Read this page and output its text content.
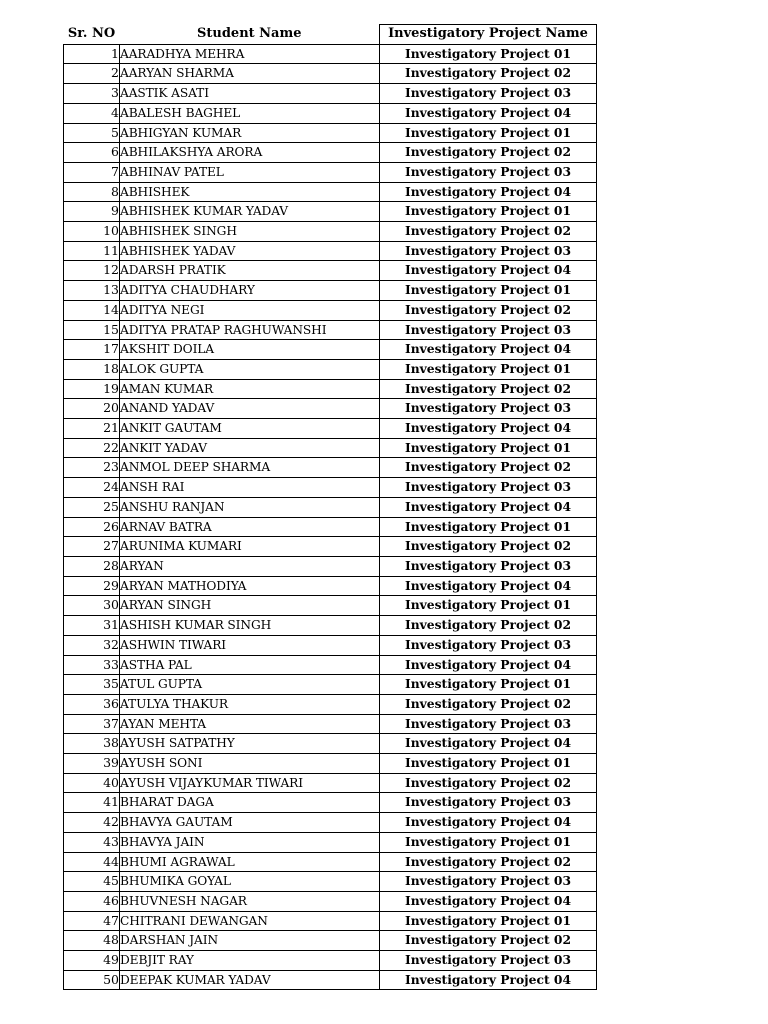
Sr. NO	Student Name	Investigatory Project Name
1	AARADHYA MEHRA	Investigatory Project 01
2	AARYAN SHARMA	Investigatory Project 02
3	AASTIK ASATI	Investigatory Project 03
4	ABALESH BAGHEL	Investigatory Project 04
5	ABHIGYAN KUMAR	Investigatory Project 01
6	ABHILAKSHYA ARORA	Investigatory Project 02
7	ABHINAV PATEL	Investigatory Project 03
8	ABHISHEK	Investigatory Project 04
9	ABHISHEK KUMAR YADAV	Investigatory Project 01
10	ABHISHEK SINGH	Investigatory Project 02
11	ABHISHEK YADAV	Investigatory Project 03
12	ADARSH PRATIK	Investigatory Project 04
13	ADITYA CHAUDHARY	Investigatory Project 01
14	ADITYA NEGI	Investigatory Project 02
15	ADITYA PRATAP RAGHUWANSHI	Investigatory Project 03
17	AKSHIT DOILA	Investigatory Project 04
18	ALOK GUPTA	Investigatory Project 01
19	AMAN KUMAR	Investigatory Project 02
20	ANAND YADAV	Investigatory Project 03
21	ANKIT GAUTAM	Investigatory Project 04
22	ANKIT YADAV	Investigatory Project 01
23	ANMOL DEEP SHARMA	Investigatory Project 02
24	ANSH RAI	Investigatory Project 03
25	ANSHU RANJAN	Investigatory Project 04
26	ARNAV BATRA	Investigatory Project 01
27	ARUNIMA KUMARI	Investigatory Project 02
28	ARYAN	Investigatory Project 03
29	ARYAN MATHODIYA	Investigatory Project 04
30	ARYAN SINGH	Investigatory Project 01
31	ASHISH KUMAR SINGH	Investigatory Project 02
32	ASHWIN TIWARI	Investigatory Project 03
33	ASTHA PAL	Investigatory Project 04
35	ATUL GUPTA	Investigatory Project 01
36	ATULYA THAKUR	Investigatory Project 02
37	AYAN MEHTA	Investigatory Project 03
38	AYUSH SATPATHY	Investigatory Project 04
39	AYUSH SONI	Investigatory Project 01
40	AYUSH VIJAYKUMAR TIWARI	Investigatory Project 02
41	BHARAT DAGA	Investigatory Project 03
42	BHAVYA GAUTAM	Investigatory Project 04
43	BHAVYA JAIN	Investigatory Project 01
44	BHUMI AGRAWAL	Investigatory Project 02
45	BHUMIKA GOYAL	Investigatory Project 03
46	BHUVNESH NAGAR	Investigatory Project 04
47	CHITRANI DEWANGAN	Investigatory Project 01
48	DARSHAN JAIN	Investigatory Project 02
49	DEBJIT RAY	Investigatory Project 03
50	DEEPAK KUMAR YADAV	Investigatory Project 04
